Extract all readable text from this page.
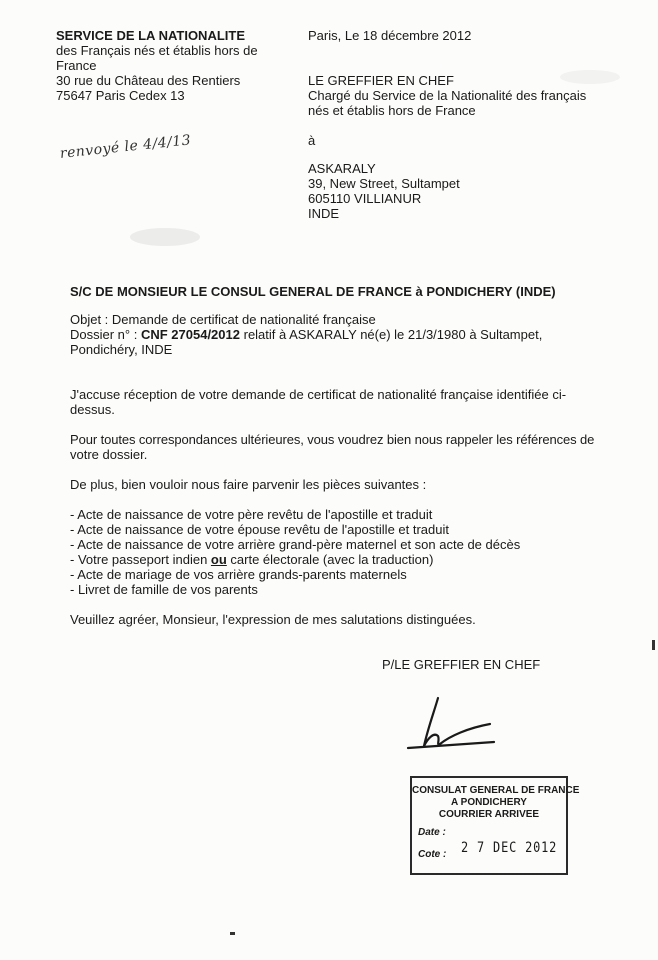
SERVICE DE LA NATIONALITE
des Français nés et établis hors de
France
30 rue du Château des Rentiers
75647 Paris Cedex 13
Paris, Le 18 décembre 2012
LE GREFFIER EN CHEF
Chargé du Service de la Nationalité des français
nés et établis hors de France
à
renvoyé le 4/4/13
ASKARALY
39, New Street, Sultampet
605110 VILLIANUR
INDE
S/C DE MONSIEUR LE CONSUL GENERAL DE FRANCE à PONDICHERY (INDE)
Objet : Demande de certificat de nationalité française
Dossier n° : CNF 27054/2012 relatif à ASKARALY né(e) le 21/3/1980 à Sultampet,
Pondichéry, INDE
J'accuse réception de votre demande de certificat de nationalité française identifiée ci-
dessus.
Pour toutes correspondances ultérieures, vous voudrez bien nous rappeler les références de
votre dossier.
De plus, bien vouloir nous faire parvenir les pièces suivantes :
- Acte de naissance de votre père revêtu de l'apostille et traduit
- Acte de naissance de votre épouse revêtu de l'apostille et traduit
- Acte de naissance de votre arrière grand-père maternel et son acte de décès
- Votre passeport indien ou carte électorale (avec la traduction)
- Acte de mariage de vos arrière grands-parents maternels
- Livret de famille de vos parents
Veuillez agréer, Monsieur, l'expression de mes salutations distinguées.
P/LE GREFFIER EN CHEF
CONSULAT GENERAL DE FRANCE
A PONDICHERY
COURRIER ARRIVEE
Date :
Cote : 2 7 DEC 2012
